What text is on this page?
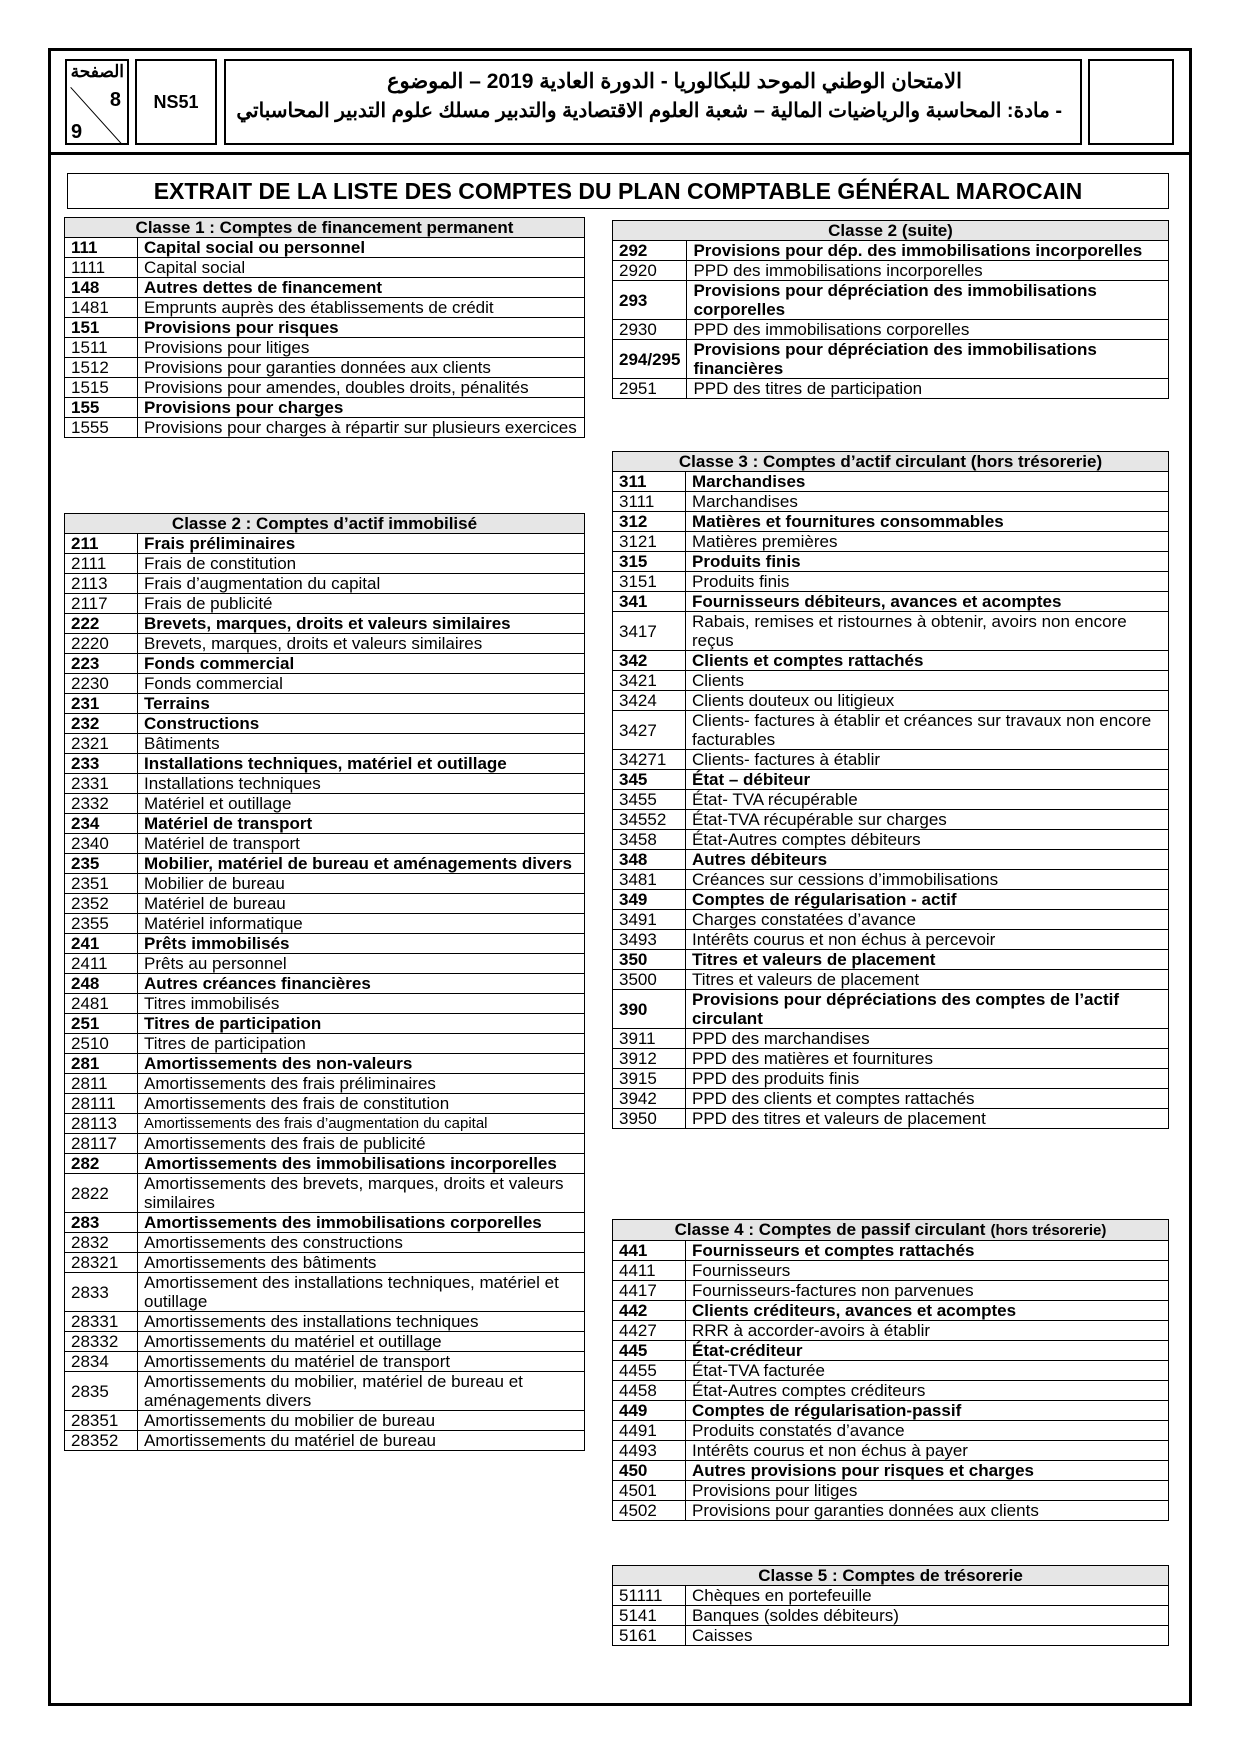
الصفحة
8
9
NS51
الامتحان الوطني الموحد للبكالوريا - الدورة العادية 2019 – الموضوع
- مادة: المحاسبة والرياضيات المالية – شعبة العلوم الاقتصادية والتدبير مسلك علوم التدبير المحاسباتي
EXTRAIT DE LA LISTE DES COMPTES DU PLAN COMPTABLE GÉNÉRAL MAROCAIN
Classe 1 : Comptes de financement permanent	
111	Capital social ou personnel
1111	Capital social
148	Autres dettes de financement
1481	Emprunts auprès des établissements de crédit
151	Provisions pour risques
1511	Provisions pour litiges
1512	Provisions pour garanties données aux clients
1515	Provisions pour amendes, doubles droits, pénalités
155	Provisions pour charges
1555	Provisions pour charges à répartir sur plusieurs exercices
Classe 2 : Comptes d’actif immobilisé	
211	Frais préliminaires
2111	Frais de constitution
2113	Frais d’augmentation du capital
2117	Frais de publicité
222	Brevets, marques, droits et valeurs similaires
2220	Brevets, marques, droits et valeurs similaires
223	Fonds commercial
2230	Fonds commercial
231	Terrains
232	Constructions
2321	Bâtiments
233	Installations techniques, matériel et outillage
2331	Installations techniques
2332	Matériel et outillage
234	Matériel de transport
2340	Matériel de transport
235	Mobilier, matériel de bureau et aménagements divers
2351	Mobilier de bureau
2352	Matériel de bureau
2355	Matériel informatique
241	Prêts immobilisés
2411	Prêts au personnel
248	Autres créances financières
2481	Titres immobilisés
251	Titres de participation
2510	Titres de participation
281	Amortissements des non-valeurs
2811	Amortissements des frais préliminaires
28111	Amortissements des frais de constitution
28113	Amortissements des frais d’augmentation du capital
28117	Amortissements des frais de publicité
282	Amortissements des immobilisations incorporelles
2822	Amortissements des brevets, marques, droits et valeurs similaires
283	Amortissements des immobilisations corporelles
2832	Amortissements des constructions
28321	Amortissements des bâtiments
2833	Amortissement des installations techniques, matériel et outillage
28331	Amortissements des installations techniques
28332	Amortissements du matériel et outillage
2834	Amortissements du matériel de transport
2835	Amortissements du mobilier, matériel de bureau et aménagements divers
28351	Amortissements du mobilier de bureau
28352	Amortissements du matériel de bureau
Classe 2 (suite)	
292	Provisions pour dép. des immobilisations incorporelles
2920	PPD des immobilisations incorporelles
293	Provisions pour dépréciation des immobilisations corporelles
2930	PPD des immobilisations corporelles
294/295	Provisions pour dépréciation des immobilisations financières
2951	PPD des titres de participation
Classe 3 : Comptes d’actif circulant (hors trésorerie)	
311	Marchandises
3111	Marchandises
312	Matières et fournitures consommables
3121	Matières premières
315	Produits finis
3151	Produits finis
341	Fournisseurs débiteurs, avances et acomptes
3417	Rabais, remises et ristournes à obtenir, avoirs non encore reçus
342	Clients et comptes rattachés
3421	Clients
3424	Clients douteux ou litigieux
3427	Clients- factures à établir et créances sur travaux non encore facturables
34271	Clients- factures à établir
345	État – débiteur
3455	État- TVA récupérable
34552	État-TVA récupérable sur charges
3458	État-Autres comptes débiteurs
348	Autres débiteurs
3481	Créances sur cessions d’immobilisations
349	Comptes de régularisation - actif
3491	Charges constatées d’avance
3493	Intérêts courus et non échus à percevoir
350	Titres et valeurs de placement
3500	Titres et valeurs de placement
390	Provisions pour dépréciations des comptes de l’actif circulant
3911	PPD des marchandises
3912	PPD des matières et fournitures
3915	PPD des produits finis
3942	PPD des clients et comptes rattachés
3950	PPD des titres et valeurs de placement
Classe 4 : Comptes de passif circulant (hors trésorerie)	
441	Fournisseurs et comptes rattachés
4411	Fournisseurs
4417	Fournisseurs-factures non parvenues
442	Clients créditeurs, avances et acomptes
4427	RRR à accorder-avoirs à établir
445	État-créditeur
4455	État-TVA facturée
4458	État-Autres comptes créditeurs
449	Comptes de régularisation-passif
4491	Produits constatés d’avance
4493	Intérêts courus et non échus à payer
450	Autres provisions pour risques et charges
4501	Provisions pour litiges
4502	Provisions pour garanties données aux clients
Classe 5 : Comptes de trésorerie	
51111	Chèques en portefeuille
5141	Banques (soldes débiteurs)
5161	Caisses
